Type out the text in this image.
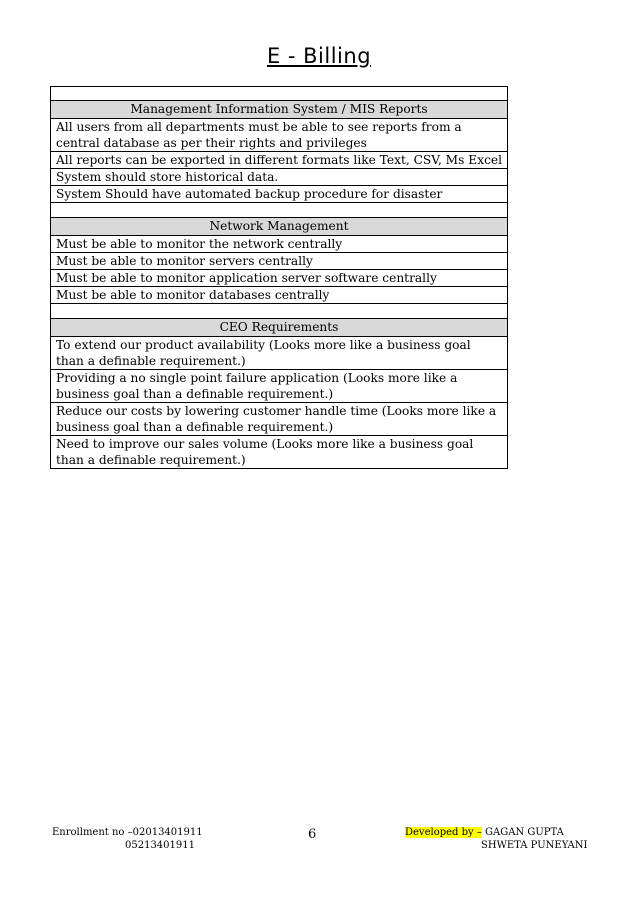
E - Billing

Management Information System / MIS Reports
All users from all departments must be able to see reports from a central database as per their rights and privileges
All reports can be exported in different formats like Text, CSV, Ms Excel
System should store historical data.
System Should have automated backup procedure for disaster

Network Management
Must be able to monitor the network centrally
Must be able to monitor servers centrally
Must be able to monitor application server software centrally
Must be able to monitor databases centrally

CEO Requirements
To extend our product availability (Looks more like a business goal than a definable requirement.)
Providing a no single point failure application (Looks more like a business goal than a definable requirement.)
Reduce our costs by lowering customer handle time (Looks more like a business goal than a definable requirement.)
Need to improve our sales volume (Looks more like a business goal than a definable requirement.)
Enrollment no –02013401911
05213401911
6	Developed by – GAGAN GUPTA
SHWETA PUNEYANI
